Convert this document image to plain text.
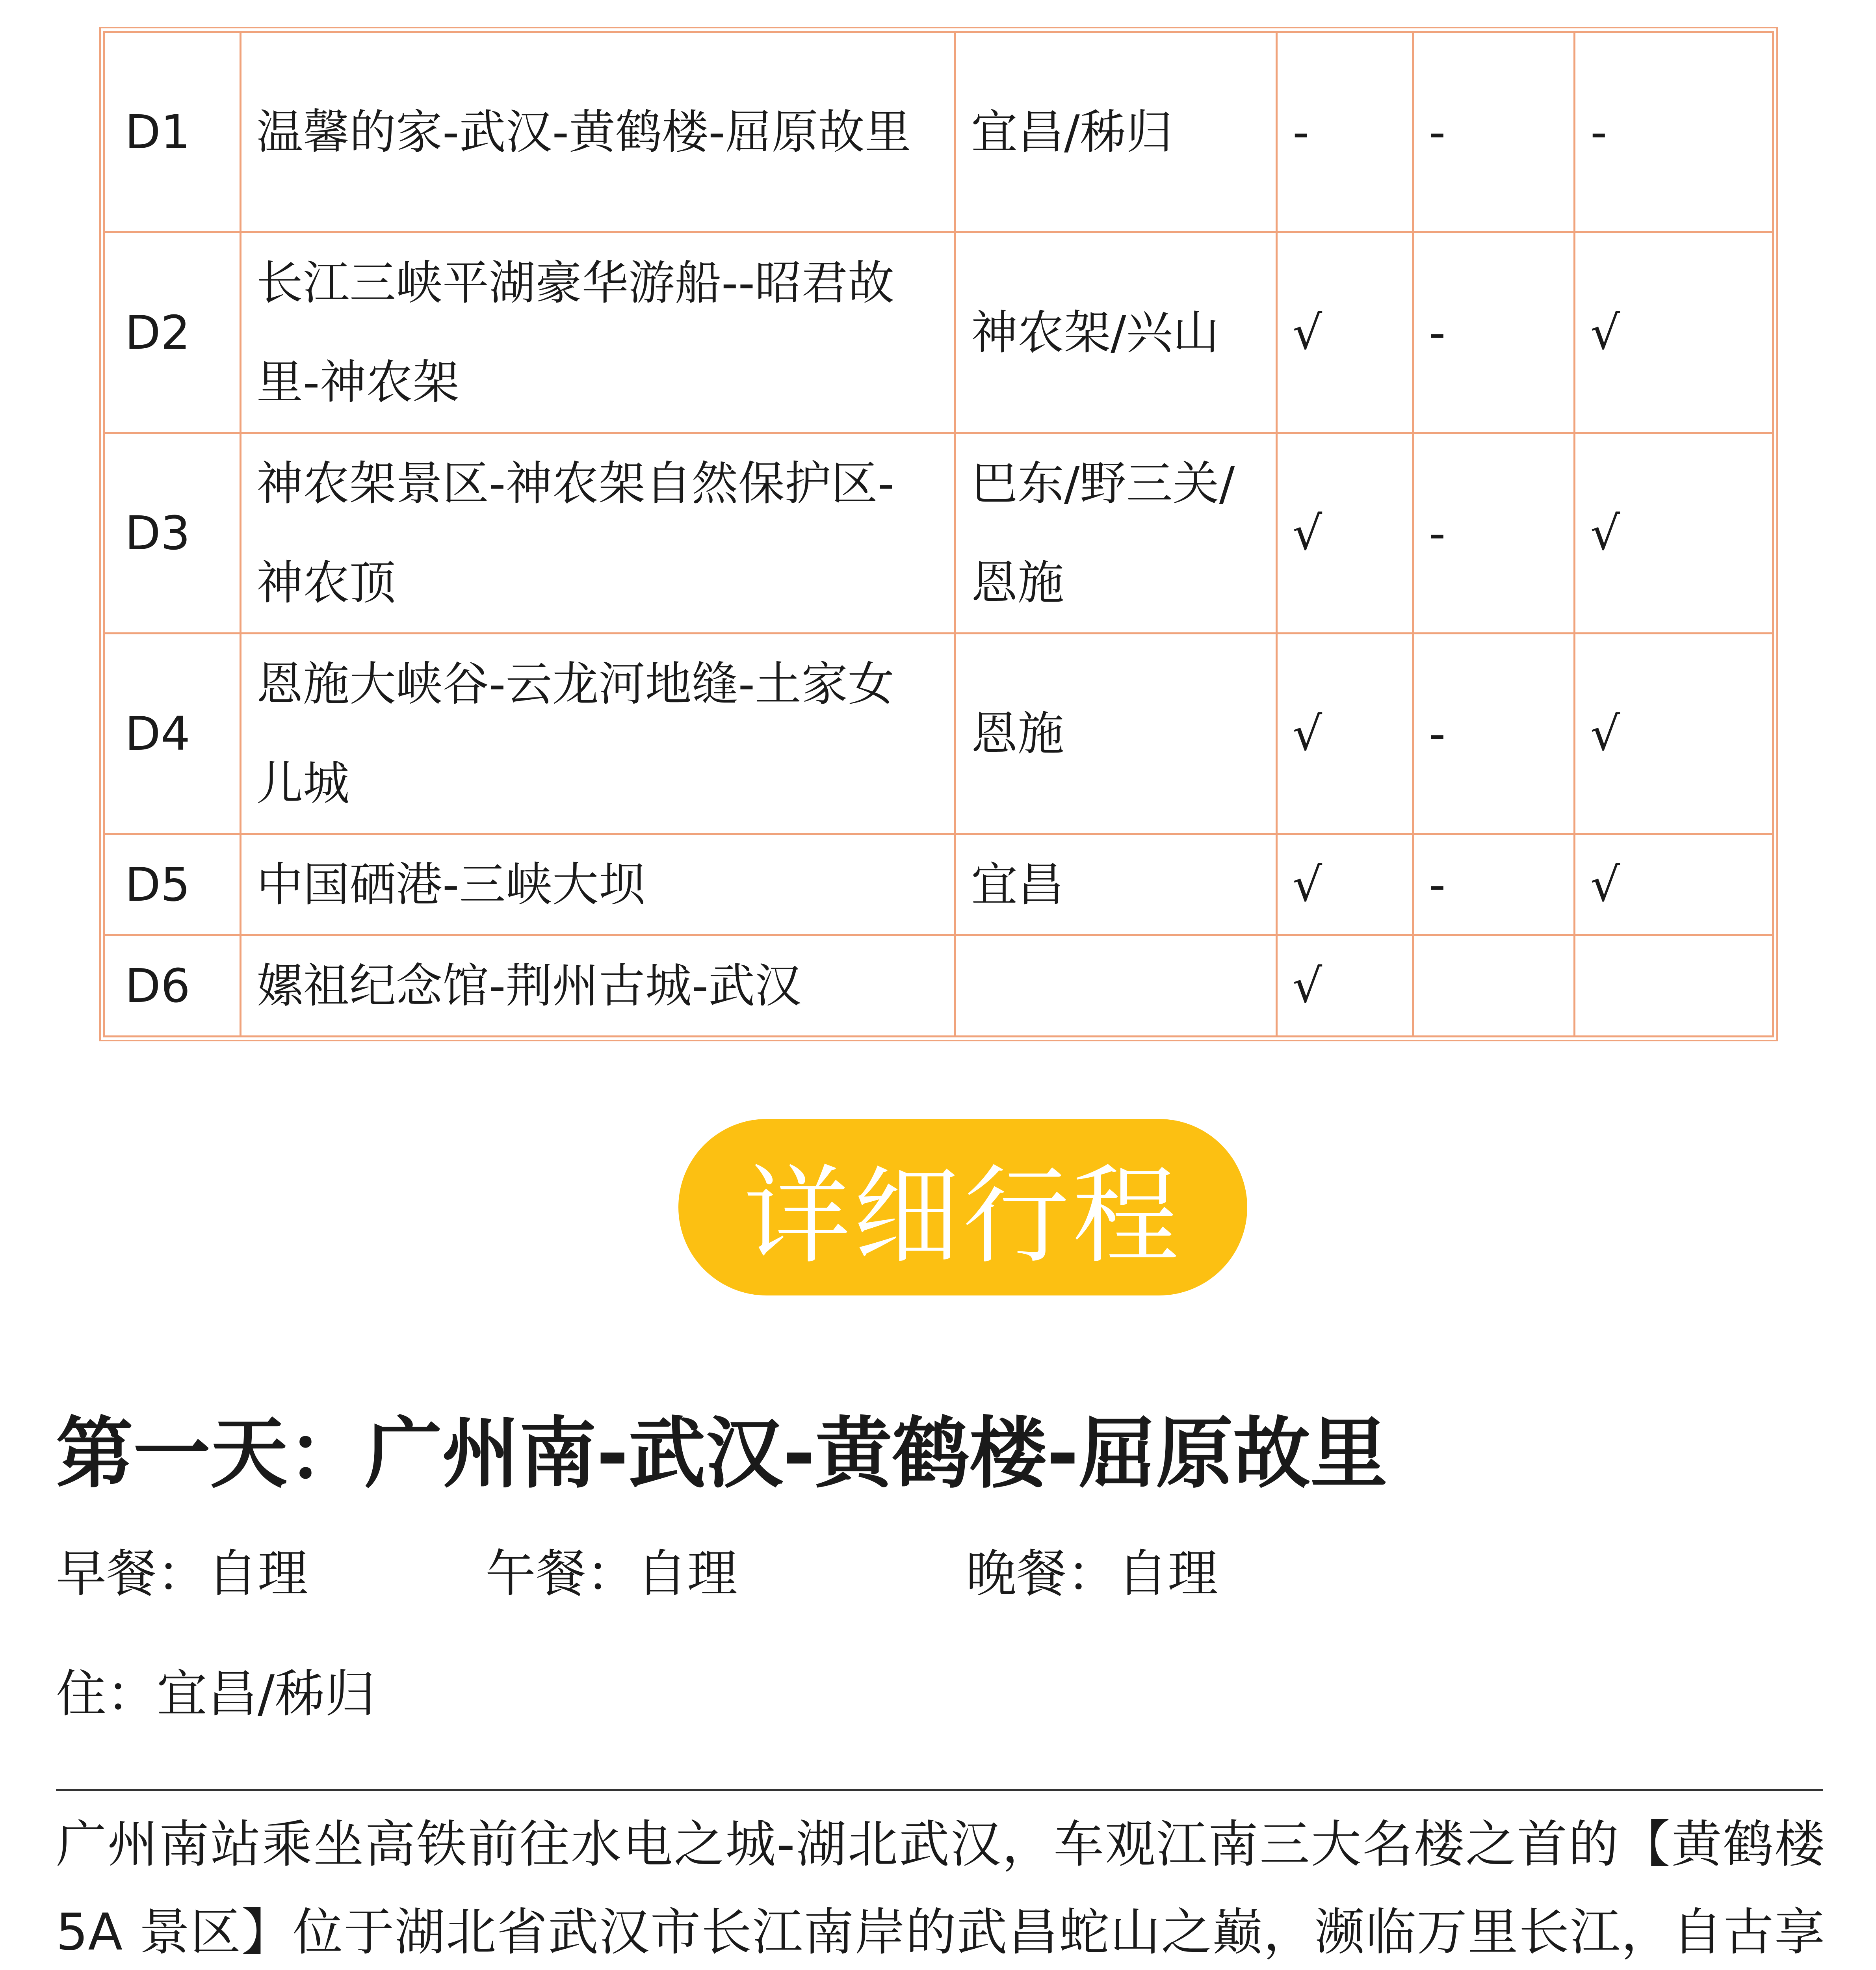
D1	温馨的家-武汉-黄鹤楼-屈原故里	宜昌/秭归	-	-	-
D2	长江三峡平湖豪华游船--昭君故里-神农架	神农架/兴山	√	-	√
D3	神农架景区-神农架自然保护区-神农顶	巴东/野三关/恩施	√	-	√
D4	恩施大峡谷-云龙河地缝-土家女儿城	恩施	√	-	√
D5	中国硒港-三峡大坝	宜昌	√	-	√
D6	嫘祖纪念馆-荆州古城-武汉		√		
详细行程
第一天：广州南-武汉-黄鹤楼-屈原故里
早餐：自理	午餐：自理	晚餐：自理
住：宜昌/秭归

广州南站乘坐高铁前往水电之城-湖北武汉，车观江南三大名楼之首的【黄鹤楼5A 景区】位于湖北省武汉市长江南岸的武昌蛇山之巅，濒临万里长江，自古享
